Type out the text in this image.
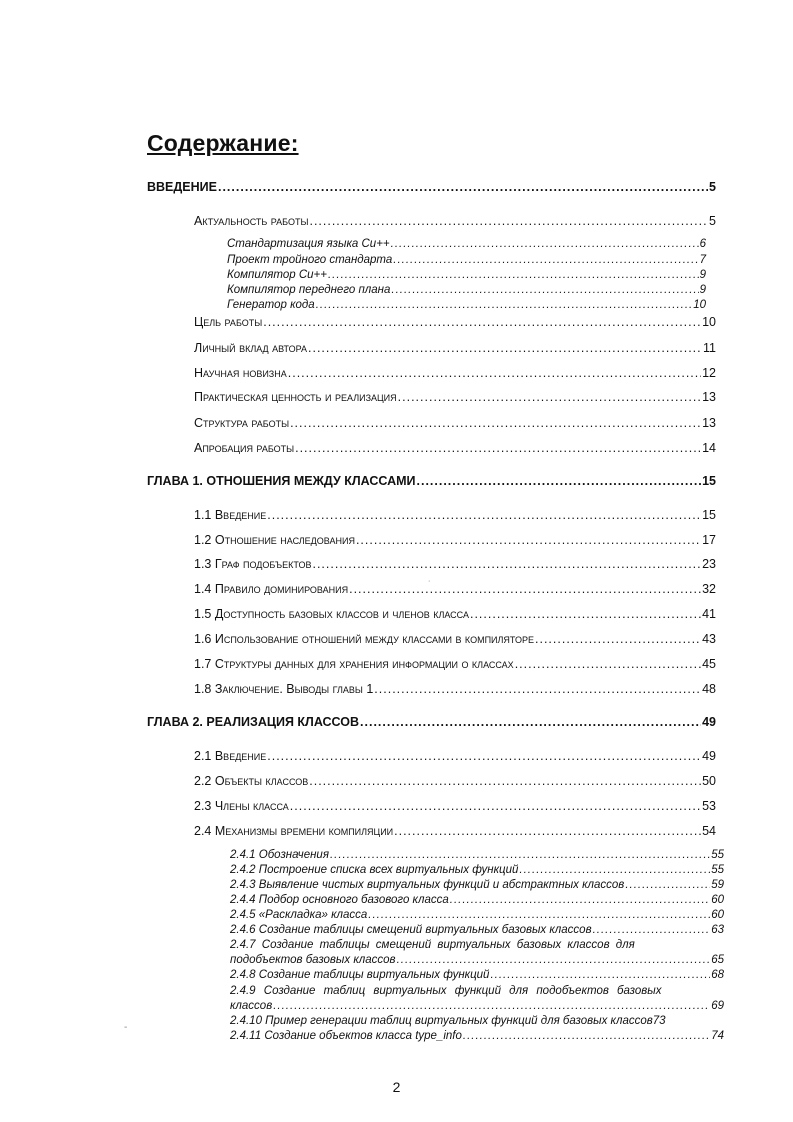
Содержание:
ВВЕДЕНИЕ .....	5
Актуальность работы .....	5
Стандартизация языка Си++ .....	6
Проект тройного стандарта .....	7
Компилятор Си++ .....	9
Компилятор переднего плана .....	9
Генератор кода .....	10
Цель работы .....	10
Личный вклад автора .....	11
Научная новизна .....	12
Практическая ценность и реализация .....	13
Структура работы .....	13
Апробация работы .....	14
ГЛАВА 1. ОТНОШЕНИЯ МЕЖДУ КЛАССАМИ .....	15
1.1 Введение .....	15
1.2 Отношение наследования .....	17
1.3 Граф подобъектов .....	23
1.4 Правило доминирования .....	32
1.5 Доступность базовых классов и членов класса .....	41
1.6 Использование отношений между классами в компиляторе .....	43
1.7 Структуры данных для хранения информации о классах .....	45
1.8 Заключение. Выводы главы 1 .....	48
ГЛАВА 2. РЕАЛИЗАЦИЯ КЛАССОВ .....	49
2.1 Введение .....	49
2.2 Объекты классов .....	50
2.3 Члены класса .....	53
2.4 Механизмы времени компиляции .....	54
2.4.1 Обозначения .....	55
2.4.2 Построение списка всех виртуальных функций .....	55
2.4.3 Выявление чистых виртуальных функций и абстрактных классов .....	59
2.4.4 Подбор основного базового класса .....	60
2.4.5 «Раскладка» класса .....	60
2.4.6 Создание таблицы смещений виртуальных базовых классов .....	63
2.4.7 Создание таблицы смещений виртуальных базовых классов для
подобъектов базовых классов .....	65
2.4.8 Создание таблицы виртуальных функций .....	68
2.4.9 Создание таблиц виртуальных функций для подобъектов базовых
классов .....	69
2.4.10 Пример генерации таблиц виртуальных функций для базовых классов 73
2.4.11 Создание объектов класса type_info .....	74
-
˙
2
